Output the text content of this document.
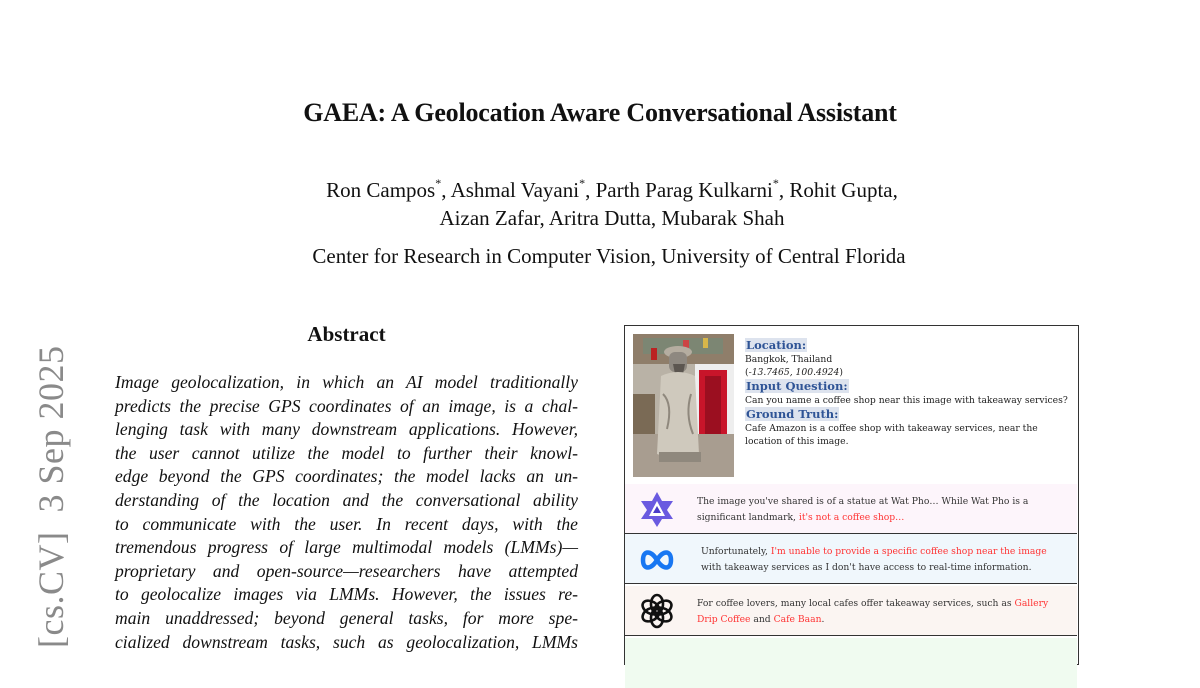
GAEA: A Geolocation Aware Conversational Assistant
Ron Campos*, Ashmal Vayani*, Parth Parag Kulkarni*, Rohit Gupta,
Aizan Zafar, Aritra Dutta, Mubarak Shah
Center for Research in Computer Vision, University of Central Florida
[cs.CV]  3 Sep 2025
Abstract
Image geolocalization, in which an AI model traditionally
predicts the precise GPS coordinates of an image, is a chal-
lenging task with many downstream applications. However,
the user cannot utilize the model to further their knowl-
edge beyond the GPS coordinates; the model lacks an un-
derstanding of the location and the conversational ability
to communicate with the user. In recent days, with the
tremendous progress of large multimodal models (LMMs)—
proprietary and open-source—researchers have attempted
to geolocalize images via LMMs. However, the issues re-
main unaddressed; beyond general tasks, for more spe-
cialized downstream tasks, such as geolocalization, LMMs
Location:
Bangkok, Thailand
(-13.7465, 100.4924)
Input Question:
Can you name a coffee shop near this image with takeaway services?
Ground Truth:
Cafe Amazon is a coffee shop with takeaway services, near the
location of this image.
The image you've shared is of a statue at Wat Pho… While Wat Pho is a
significant landmark, it's not a coffee shop…
Unfortunately, I'm unable to provide a specific coffee shop near the image
with takeaway services as I don't have access to real-time information.
For coffee lovers, many local cafes offer takeaway services, such as Gallery
Drip Coffee and Cafe Baan.
